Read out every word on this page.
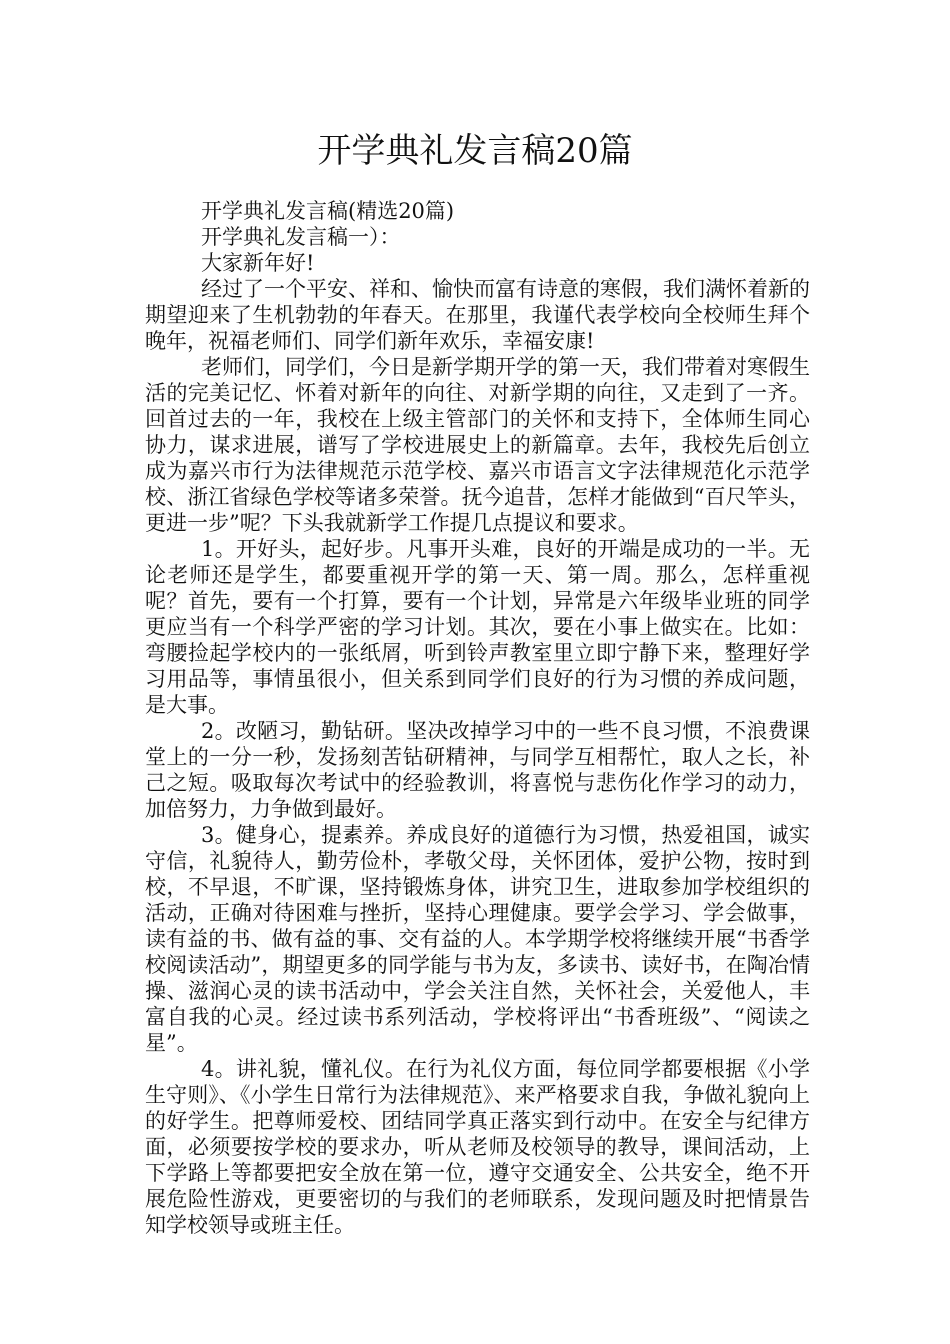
开学典礼发言稿20篇

开学典礼发言稿(精选20篇)

开学典礼发言稿一）：

大家新年好!

经过了一个平安、祥和、愉快而富有诗意的寒假，我们满怀着新的期望迎来了生机勃勃的年春天。在那里，我谨代表学校向全校师生拜个晚年，祝福老师们、同学们新年欢乐，幸福安康!

老师们，同学们，今日是新学期开学的第一天，我们带着对寒假生活的完美记忆、怀着对新年的向往、对新学期的向往，又走到了一齐。回首过去的一年，我校在上级主管部门的关怀和支持下，全体师生同心协力，谋求进展，谱写了学校进展史上的新篇章。去年，我校先后创立成为嘉兴市行为法律规范示范学校、嘉兴市语言文字法律规范化示范学校、浙江省绿色学校等诸多荣誉。抚今追昔，怎样才能做到“百尺竿头，更进一步”呢？下头我就新学工作提几点提议和要求。

1。开好头，起好步。凡事开头难，良好的开端是成功的一半。无论老师还是学生，都要重视开学的第一天、第一周。那么，怎样重视呢？首先，要有一个打算，要有一个计划，异常是六年级毕业班的同学更应当有一个科学严密的学习计划。其次，要在小事上做实在。比如：弯腰捡起学校内的一张纸屑，听到铃声教室里立即宁静下来，整理好学习用品等，事情虽很小，但关系到同学们良好的行为习惯的养成问题，是大事。

2。改陋习，勤钻研。坚决改掉学习中的一些不良习惯，不浪费课堂上的一分一秒，发扬刻苦钻研精神，与同学互相帮忙，取人之长，补己之短。吸取每次考试中的经验教训，将喜悦与悲伤化作学习的动力，加倍努力，力争做到最好。

3。健身心，提素养。养成良好的道德行为习惯，热爱祖国，诚实守信，礼貌待人，勤劳俭朴，孝敬父母，关怀团体，爱护公物，按时到校，不早退，不旷课，坚持锻炼身体，讲究卫生，进取参加学校组织的活动，正确对待困难与挫折，坚持心理健康。要学会学习、学会做事，读有益的书、做有益的事、交有益的人。本学期学校将继续开展“书香学校阅读活动”，期望更多的同学能与书为友，多读书、读好书，在陶冶情操、滋润心灵的读书活动中，学会关注自然，关怀社会，关爱他人，丰富自我的心灵。经过读书系列活动，学校将评出“书香班级”、“阅读之星”。

4。讲礼貌，懂礼仪。在行为礼仪方面，每位同学都要根据《小学生守则》、《小学生日常行为法律规范》、来严格要求自我，争做礼貌向上的好学生。把尊师爱校、团结同学真正落实到行动中。在安全与纪律方面，必须要按学校的要求办，听从老师及校领导的教导，课间活动，上下学路上等都要把安全放在第一位，遵守交通安全、公共安全，绝不开展危险性游戏，更要密切的与我们的老师联系，发现问题及时把情景告知学校领导或班主任。
